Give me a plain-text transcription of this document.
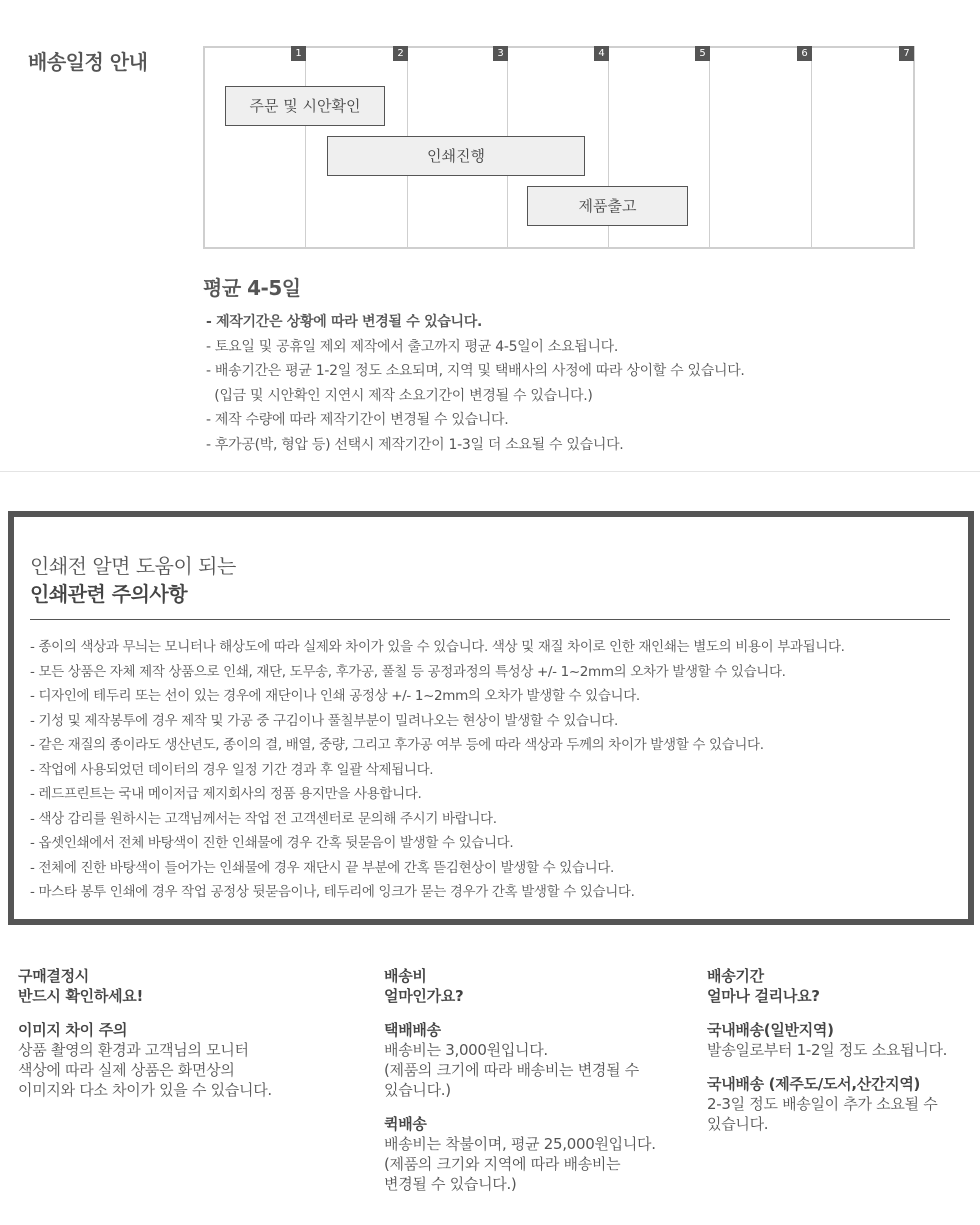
배송일정 안내	1	2	3	4	5	6	7
주문 및 시안확인
인쇄진행
제품출고
평균 4-5일
- 제작기간은 상황에 따라 변경될 수 있습니다.
- 토요일 및 공휴일 제외 제작에서 출고까지 평균 4-5일이 소요됩니다.
- 배송기간은 평균 1-2일 정도 소요되며, 지역 및 택배사의 사정에 따라 상이할 수 있습니다.
(입금 및 시안확인 지연시 제작 소요기간이 변경될 수 있습니다.)
- 제작 수량에 따라 제작기간이 변경될 수 있습니다.
- 후가공(박, 형압 등) 선택시 제작기간이 1-3일 더 소요될 수 있습니다.
인쇄전 알면 도움이 되는
인쇄관련 주의사항
- 종이의 색상과 무늬는 모니터나 해상도에 따라 실제와 차이가 있을 수 있습니다. 색상 및 재질 차이로 인한 재인쇄는 별도의 비용이 부과됩니다.
- 모든 상품은 자체 제작 상품으로 인쇄, 재단, 도무송, 후가공, 풀칠 등 공정과정의 특성상 +/- 1~2mm의 오차가 발생할 수 있습니다.
- 디자인에 테두리 또는 선이 있는 경우에 재단이나 인쇄 공정상 +/- 1~2mm의 오차가 발생할 수 있습니다.
- 기성 및 제작봉투에 경우 제작 및 가공 중 구김이나 풀칠부분이 밀려나오는 현상이 발생할 수 있습니다.
- 같은 재질의 종이라도 생산년도, 종이의 결, 배열, 중량, 그리고 후가공 여부 등에 따라 색상과 두께의 차이가 발생할 수 있습니다.
- 작업에 사용되었던 데이터의 경우 일정 기간 경과 후 일괄 삭제됩니다.
- 레드프린트는 국내 메이저급 제지회사의 정품 용지만을 사용합니다.
- 색상 감리를 원하시는 고객님께서는 작업 전 고객센터로 문의해 주시기 바랍니다.
- 옵셋인쇄에서 전체 바탕색이 진한 인쇄물에 경우 간혹 뒷묻음이 발생할 수 있습니다.
- 전체에 진한 바탕색이 들어가는 인쇄물에 경우 재단시 끝 부분에 간혹 뜯김현상이 발생할 수 있습니다.
- 마스타 봉투 인쇄에 경우 작업 공정상 뒷묻음이나, 테두리에 잉크가 묻는 경우가 간혹 발생할 수 있습니다.

구매결정시

반드시 확인하세요!

이미지 차이 주의

상품 촬영의 환경과 고객님의 모니터

색상에 따라 실제 상품은 화면상의

이미지와 다소 차이가 있을 수 있습니다.

배송비

얼마인가요?

택배배송

배송비는 3,000원입니다.

(제품의 크기에 따라 배송비는 변경될 수

있습니다.)

퀵배송

배송비는 착불이며, 평균 25,000원입니다.

(제품의 크기와 지역에 따라 배송비는

변경될 수 있습니다.)

배송기간

얼마나 걸리나요?

국내배송(일반지역)

발송일로부터 1-2일 정도 소요됩니다.

국내배송 (제주도/도서,산간지역)

2-3일 정도 배송일이 추가 소요될 수

있습니다.
